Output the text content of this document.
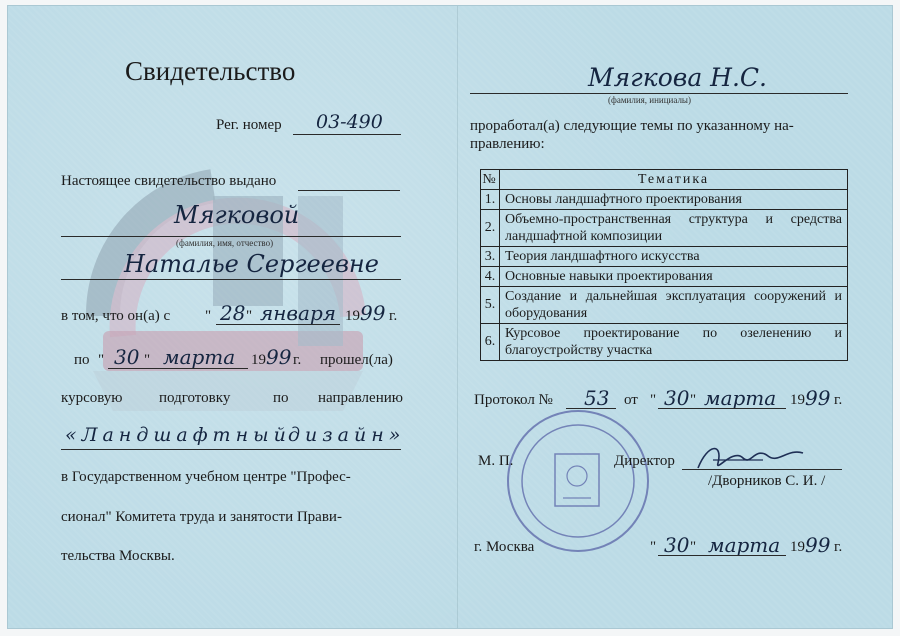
Свидетельство
Рег. номер 03-490
Настоящее свидетельство выдано
Мягковой
(фамилия, имя, отчество)
Натальe Сергеевне
в том, что он(а) с " 28 " января 19 99 г.
по " 30 " марта 19 99 г. прошел(ла)
курсовую подготовку	по направлению
«Ландшафтный
дизайн»
в Государственном учебном центре "Профес-
сионал" Комитета труда и занятости Прави-
тельства Москвы.
Мягкова Н.С.
(фамилия, инициалы)
проработал(а) следующие темы по указанному на-
правлению:
№	Тематика
1.	Основы ландшафтного проектирования
2.	Объемно-пространственная структура и средства ландшафтной композиции
3.	Теория ландшафтного искусства
4.	Основные навыки проектирования
5.	Создание и дальнейшая эксплуатация сооружений и оборудования
6.	Курсовое проектирование по озеленению и благоустройству участка
Протокол № 53 от " 30 " марта 19 99 г.
М. П.	Директор
/Дворников С. И. /
г. Москва	" 30 " марта 19 99 г.
